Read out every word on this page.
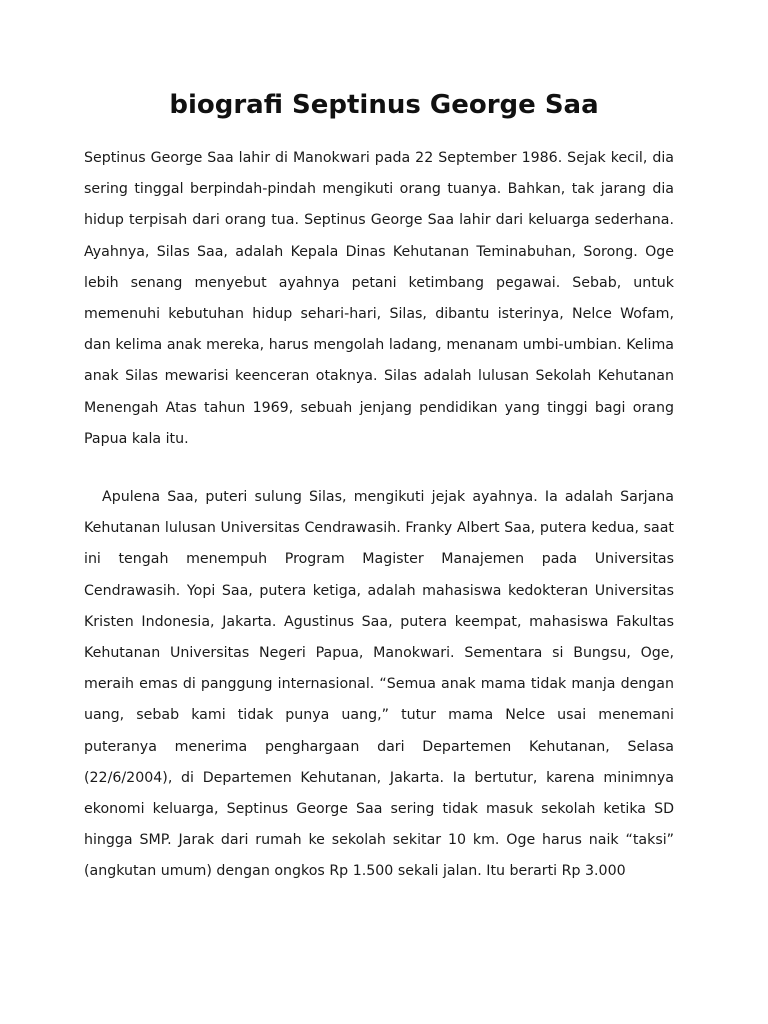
biografi Septinus George Saa

Septinus George Saa lahir di Manokwari pada 22 September 1986. Sejak kecil, dia sering tinggal berpindah-pindah mengikuti orang tuanya. Bahkan, tak jarang dia hidup terpisah dari orang tua. Septinus George Saa lahir dari keluarga sederhana. Ayahnya, Silas Saa, adalah Kepala Dinas Kehutanan Teminabuhan, Sorong. Oge lebih senang menyebut ayahnya petani ketimbang pegawai. Sebab, untuk memenuhi kebutuhan hidup sehari-hari, Silas, dibantu isterinya, Nelce Wofam, dan kelima anak mereka, harus mengolah ladang, menanam umbi-umbian. Kelima anak Silas mewarisi keenceran otaknya. Silas adalah lulusan Sekolah Kehutanan Menengah Atas tahun 1969, sebuah jenjang pendidikan yang tinggi bagi orang Papua kala itu.

Apulena Saa, puteri sulung Silas, mengikuti jejak ayahnya. Ia adalah Sarjana Kehutanan lulusan Universitas Cendrawasih. Franky Albert Saa, putera kedua, saat ini tengah menempuh Program Magister Manajemen pada Universitas Cendrawasih. Yopi Saa, putera ketiga, adalah mahasiswa kedokteran Universitas Kristen Indonesia, Jakarta. Agustinus Saa, putera keempat, mahasiswa Fakultas Kehutanan Universitas Negeri Papua, Manokwari. Sementara si Bungsu, Oge, meraih emas di panggung internasional. “Semua anak mama tidak manja dengan uang, sebab kami tidak punya uang,” tutur mama Nelce usai menemani puteranya menerima penghargaan dari Departemen Kehutanan, Selasa (22/6/2004), di Departemen Kehutanan, Jakarta. Ia bertutur, karena minimnya ekonomi keluarga, Septinus George Saa sering tidak masuk sekolah ketika SD hingga SMP. Jarak dari rumah ke sekolah sekitar 10 km. Oge harus naik “taksi” (angkutan umum) dengan ongkos Rp 1.500 sekali jalan. Itu berarti Rp 3.000
